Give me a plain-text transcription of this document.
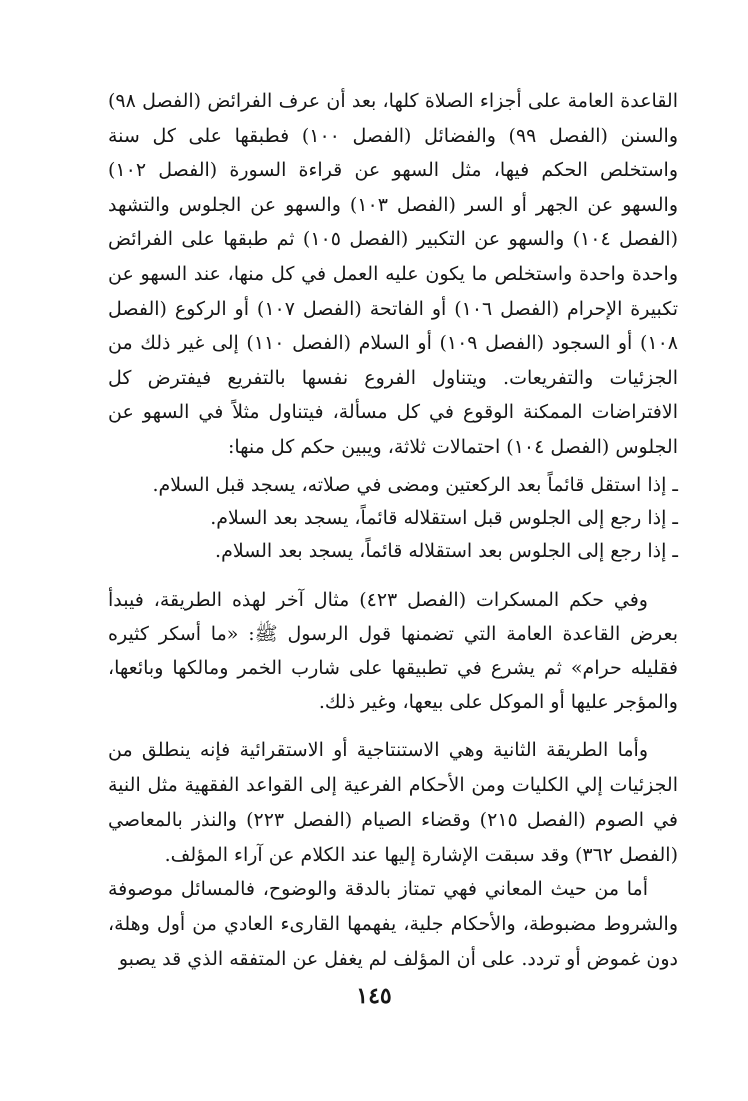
القاعدة العامة على أجزاء الصلاة كلها، بعد أن عرف الفرائض (الفصل ٩٨) والسنن (الفصل ٩٩) والفضائل (الفصل ١٠٠) فطبقها على كل سنة واستخلص الحكم فيها، مثل السهو عن قراءة السورة (الفصل ١٠٢) والسهو عن الجهر أو السر (الفصل ١٠٣) والسهو عن الجلوس والتشهد (الفصل ١٠٤) والسهو عن التكبير (الفصل ١٠٥) ثم طبقها على الفرائض واحدة واحدة واستخلص ما يكون عليه العمل في كل منها، عند السهو عن تكبيرة الإحرام (الفصل ١٠٦) أو الفاتحة (الفصل ١٠٧) أو الركوع (الفصل ١٠٨) أو السجود (الفصل ١٠٩) أو السلام (الفصل ١١٠) إلى غير ذلك من الجزئيات والتفريعات. ويتناول الفروع نفسها بالتفريع فيفترض كل الافتراضات الممكنة الوقوع في كل مسألة، فيتناول مثلاً في السهو عن الجلوس (الفصل ١٠٤) احتمالات ثلاثة، ويبين حكم كل منها:

ـ إذا استقل قائماً بعد الركعتين ومضى في صلاته، يسجد قبل السلام.

ـ إذا رجع إلى الجلوس قبل استقلاله قائماً، يسجد بعد السلام.

ـ إذا رجع إلى الجلوس بعد استقلاله قائماً، يسجد بعد السلام.

وفي حكم المسكرات (الفصل ٤٢٣) مثال آخر لهذه الطريقة، فيبدأ بعرض القاعدة العامة التي تضمنها قول الرسول ﷺ: «ما أسكر كثيره فقليله حرام» ثم يشرع في تطبيقها على شارب الخمر ومالكها وبائعها، والمؤجر عليها أو الموكل على بيعها، وغير ذلك.

وأما الطريقة الثانية وهي الاستنتاجية أو الاستقرائية فإنه ينطلق من الجزئيات إلي الكليات ومن الأحكام الفرعية إلى القواعد الفقهية مثل النية في الصوم (الفصل ٢١٥) وقضاء الصيام (الفصل ٢٢٣) والنذر بالمعاصي (الفصل ٣٦٢) وقد سبقت الإشارة إليها عند الكلام عن آراء المؤلف.

أما من حيث المعاني فهي تمتاز بالدقة والوضوح، فالمسائل موصوفة والشروط مضبوطة، والأحكام جلية، يفهمها القارىء العادي من أول وهلة، دون غموض أو تردد. على أن المؤلف لم يغفل عن المتفقه الذي قد يصبو

١٤٥
